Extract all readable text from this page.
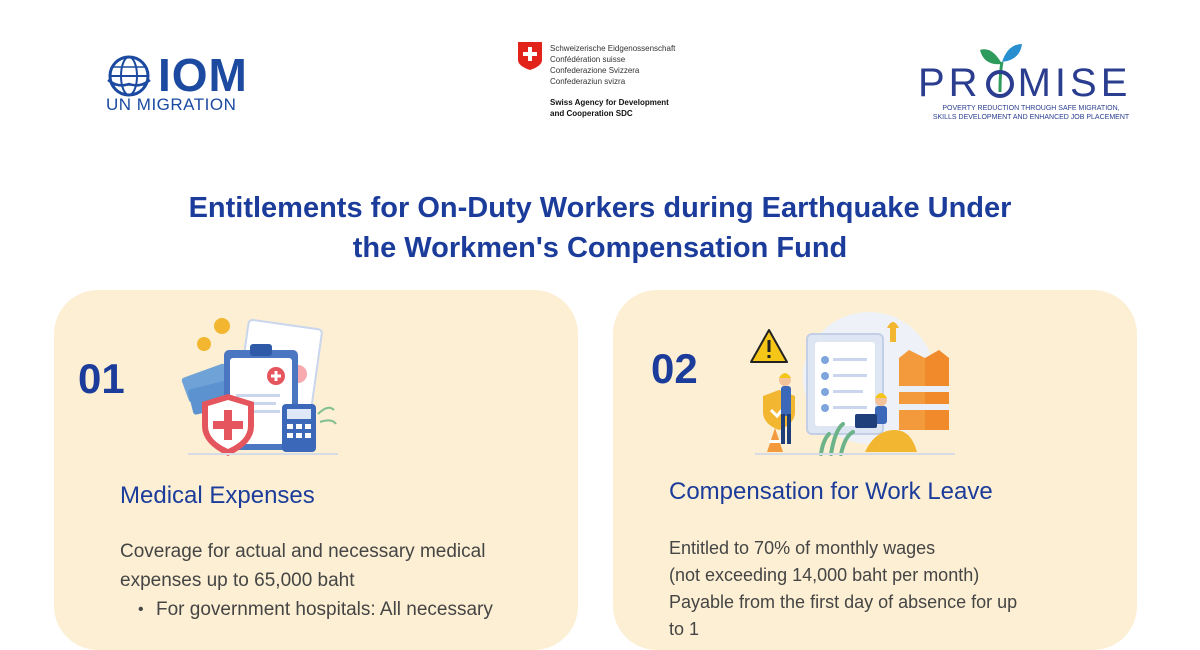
IOM
UN MIGRATION
Schweizerische Eidgenossenschaft
Confédération suisse
Confederazione Svizzera
Confederaziun svizra
Swiss Agency for Development
and Cooperation SDC
PR MISE
POVERTY REDUCTION THROUGH SAFE MIGRATION,
SKILLS DEVELOPMENT AND ENHANCED JOB PLACEMENT
Entitlements for On-Duty Workers during Earthquake Under
the Workmen's Compensation Fund
01
Medical Expenses
Coverage for actual and necessary medical
expenses up to 65,000 baht
• For government hospitals: All necessary
02
Compensation for Work Leave
Entitled to 70% of monthly wages
(not exceeding 14,000 baht per month)
Payable from the first day of absence for up
to 1
